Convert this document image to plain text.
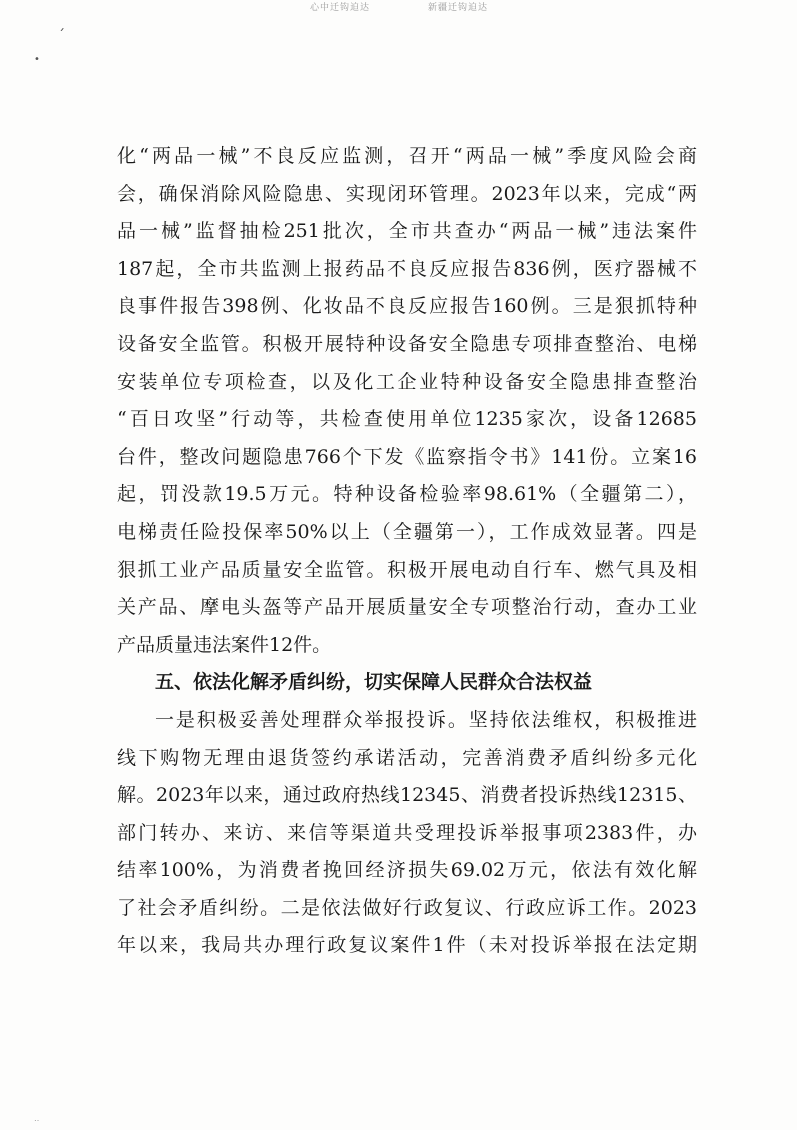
心中迁钩迫达	新疆迁钩迫达
ˊ
•
‥
化“两品一械”不良反应监测，召开“两品一械”季度风险会商
会，确保消除风险隐患、实现闭环管理。2023年以来，完成“两
品一械”监督抽检251批次，全市共查办“两品一械”违法案件
187起，全市共监测上报药品不良反应报告836例，医疗器械不
良事件报告398例、化妆品不良反应报告160例。三是狠抓特种
设备安全监管。积极开展特种设备安全隐患专项排查整治、电梯
安装单位专项检查，以及化工企业特种设备安全隐患排查整治
“百日攻坚”行动等，共检查使用单位1235家次，设备12685
台件，整改问题隐患766个下发《监察指令书》141份。立案16
起，罚没款19.5万元。特种设备检验率98.61%（全疆第二），
电梯责任险投保率50%以上（全疆第一），工作成效显著。四是
狠抓工业产品质量安全监管。积极开展电动自行车、燃气具及相
关产品、摩电头盔等产品开展质量安全专项整治行动，查办工业
产品质量违法案件12件。
五、依法化解矛盾纠纷，切实保障人民群众合法权益
一是积极妥善处理群众举报投诉。坚持依法维权，积极推进
线下购物无理由退货签约承诺活动，完善消费矛盾纠纷多元化
解。2023年以来，通过政府热线12345、消费者投诉热线12315、
部门转办、来访、来信等渠道共受理投诉举报事项2383件，办
结率100%，为消费者挽回经济损失69.02万元，依法有效化解
了社会矛盾纠纷。二是依法做好行政复议、行政应诉工作。2023
年以来，我局共办理行政复议案件1件（未对投诉举报在法定期
